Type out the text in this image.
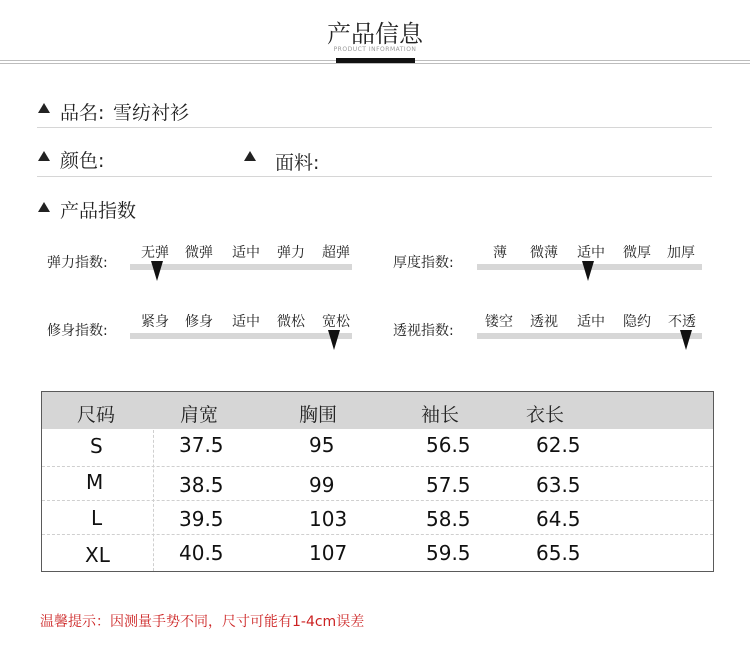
产品信息
PRODUCT INFORMATION
品名: 雪纺衬衫
颜色:	面料:
产品指数
弹力指数:
无弹	微弹	适中	弹力	超弹
厚度指数:
薄	微薄	适中	微厚	加厚
修身指数:
紧身	修身	适中	微松	宽松
透视指数:
镂空	透视	适中	隐约	不透
尺码	肩宽	胸围	袖长	衣长
S	37.5	95	56.5	62.5
M	38.5	99	57.5	63.5
L	39.5	103	58.5	64.5
XL	40.5	107	59.5	65.5
温馨提示：因测量手势不同，尺寸可能有1-4cm误差
